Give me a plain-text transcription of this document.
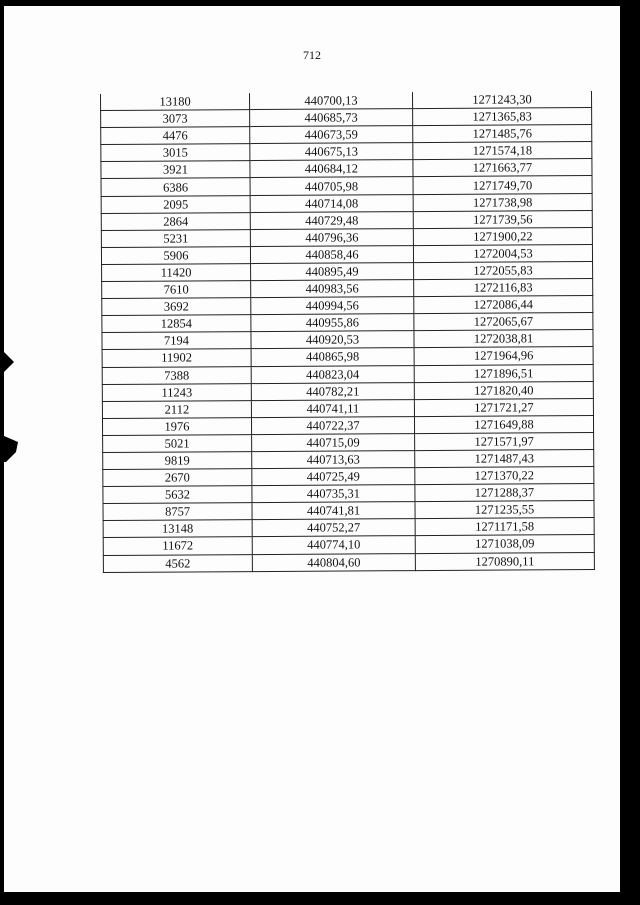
712
13180	440700,13	1271243,30
3073	440685,73	1271365,83
4476	440673,59	1271485,76
3015	440675,13	1271574,18
3921	440684,12	1271663,77
6386	440705,98	1271749,70
2095	440714,08	1271738,98
2864	440729,48	1271739,56
5231	440796,36	1271900,22
5906	440858,46	1272004,53
11420	440895,49	1272055,83
7610	440983,56	1272116,83
3692	440994,56	1272086,44
12854	440955,86	1272065,67
7194	440920,53	1272038,81
11902	440865,98	1271964,96
7388	440823,04	1271896,51
11243	440782,21	1271820,40
2112	440741,11	1271721,27
1976	440722,37	1271649,88
5021	440715,09	1271571,97
9819	440713,63	1271487,43
2670	440725,49	1271370,22
5632	440735,31	1271288,37
8757	440741,81	1271235,55
13148	440752,27	1271171,58
11672	440774,10	1271038,09
4562	440804,60	1270890,11
